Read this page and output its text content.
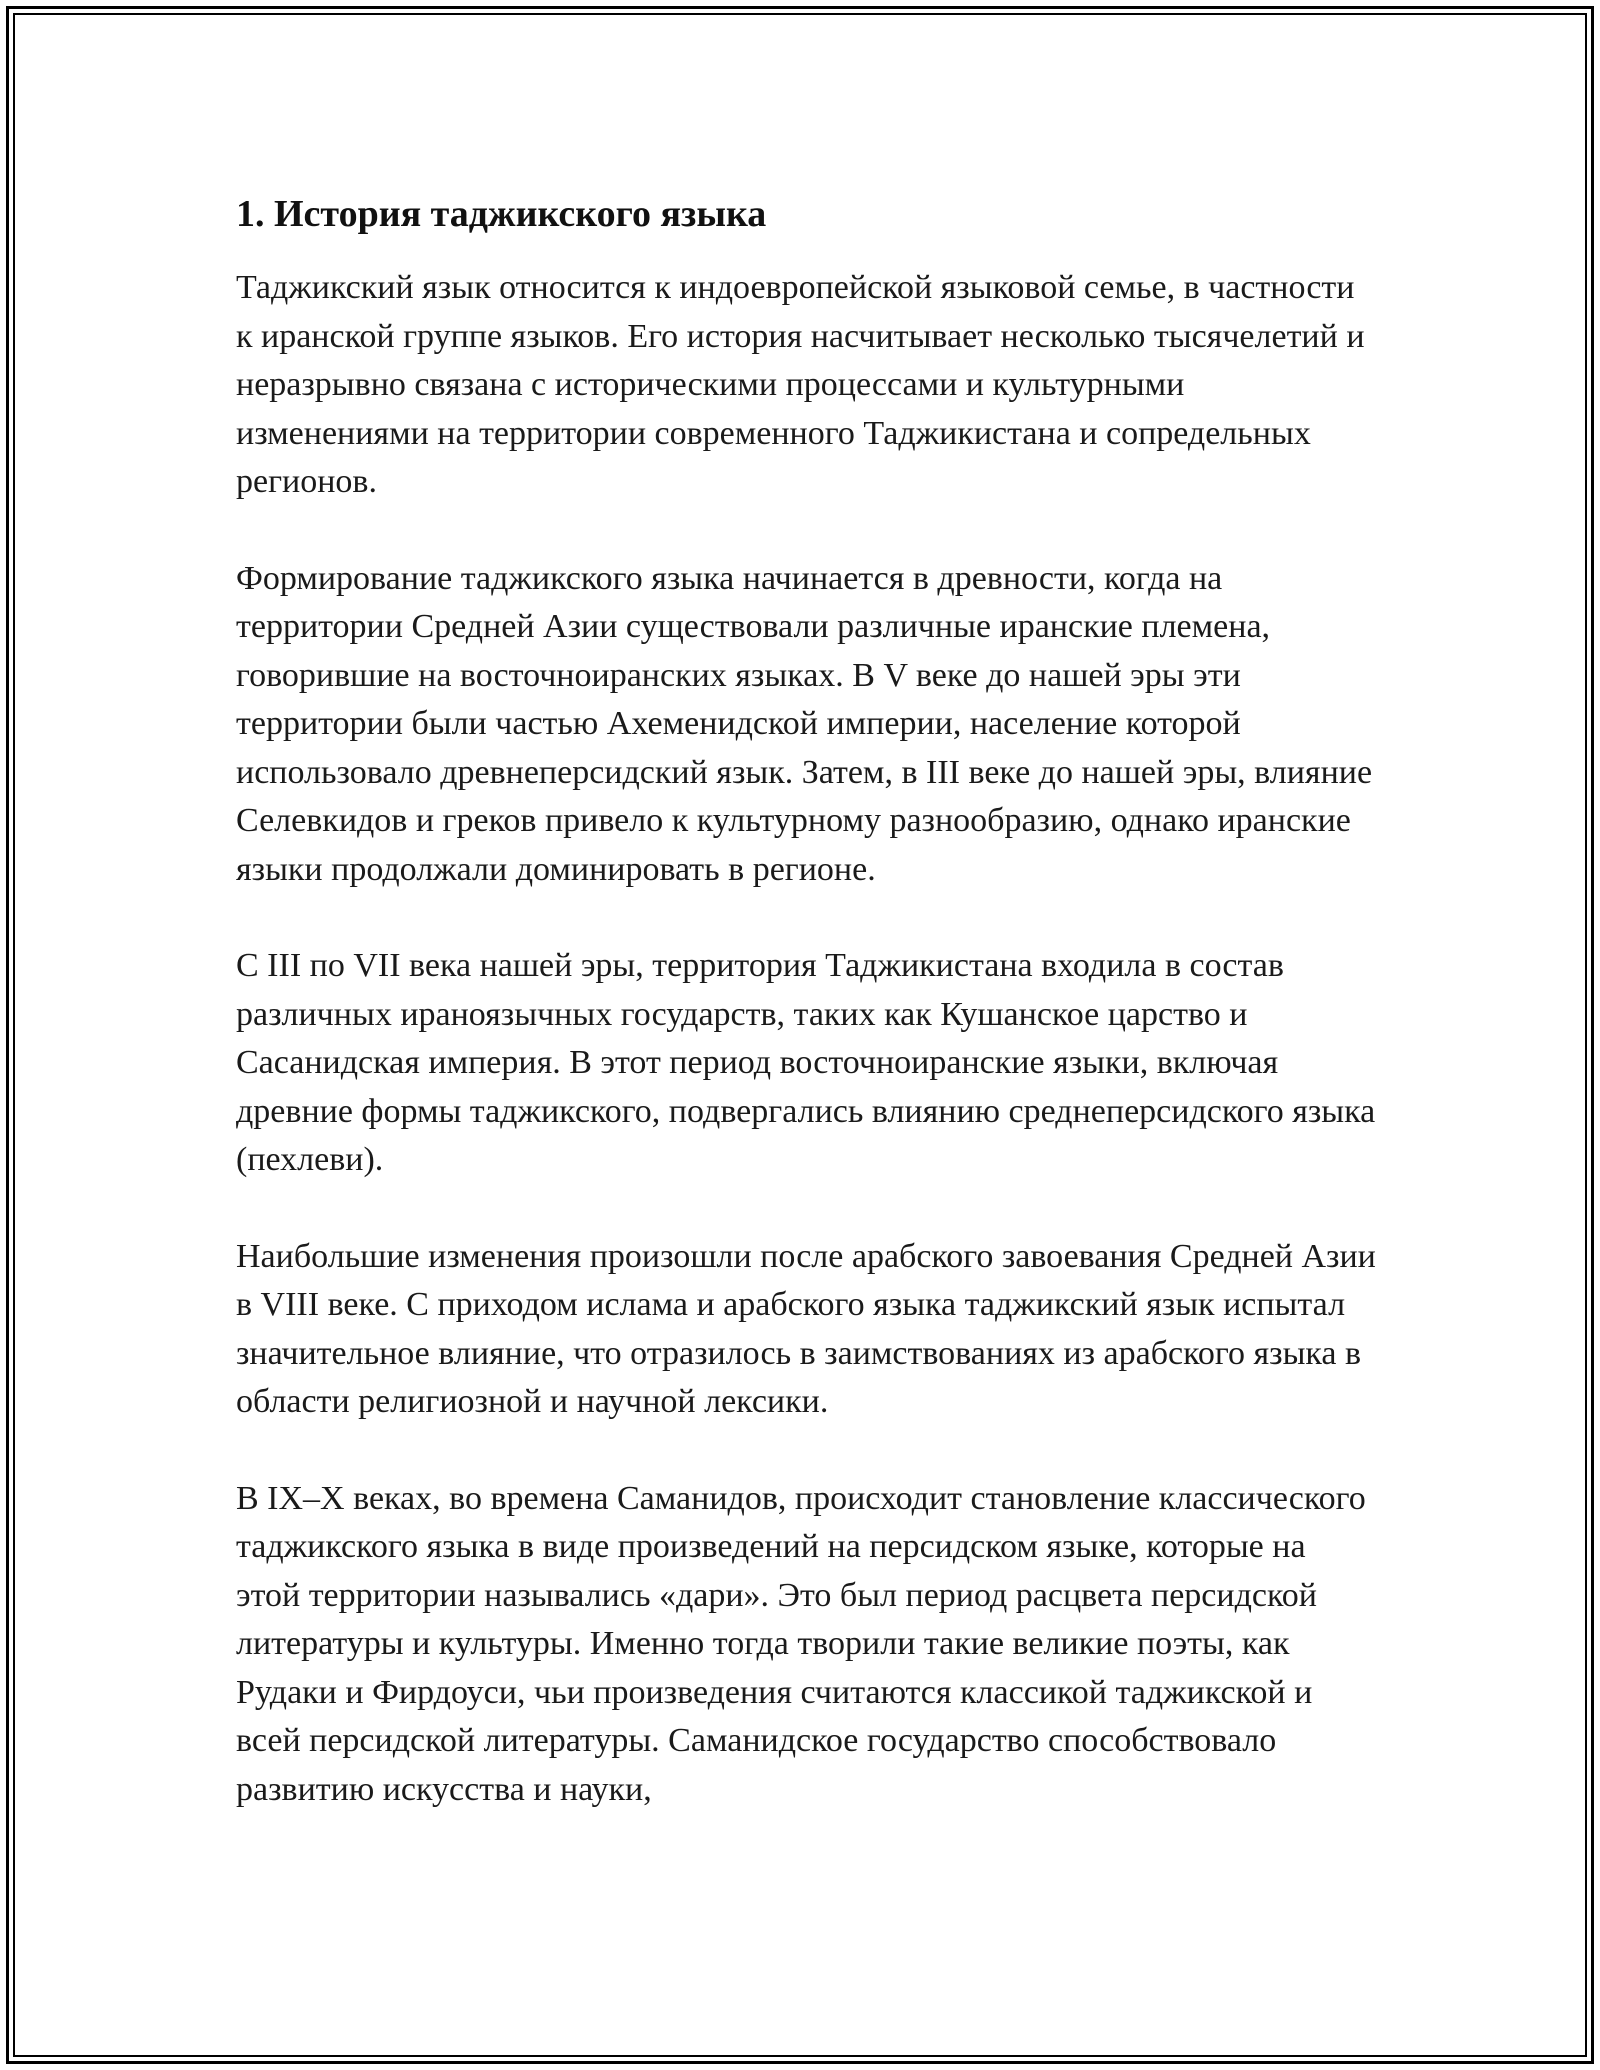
1. История таджикского языка

Таджикский язык относится к индоевропейской языковой семье, в частности к иранской группе языков. Его история насчитывает несколько тысячелетий и неразрывно связана с историческими процессами и культурными изменениями на территории современного Таджикистана и сопредельных регионов.

Формирование таджикского языка начинается в древности, когда на территории Средней Азии существовали различные иранские племена, говорившие на восточноиранских языках. В V веке до нашей эры эти территории были частью Ахеменидской империи, население которой использовало древнеперсидский язык. Затем, в III веке до нашей эры, влияние Селевкидов и греков привело к культурному разнообразию, однако иранские языки продолжали доминировать в регионе.

С III по VII века нашей эры, территория Таджикистана входила в состав различных ираноязычных государств, таких как Кушанское царство и Сасанидская империя. В этот период восточноиранские языки, включая древние формы таджикского, подвергались влиянию среднеперсидского языка (пехлеви).

Наибольшие изменения произошли после арабского завоевания Средней Азии в VIII веке. С приходом ислама и арабского языка таджикский язык испытал значительное влияние, что отразилось в заимствованиях из арабского языка в области религиозной и научной лексики.

В IX–X веках, во времена Саманидов, происходит становление классического таджикского языка в виде произведений на персидском языке, которые на этой территории назывались «дари». Это был период расцвета персидской литературы и культуры. Именно тогда творили такие великие поэты, как Рудаки и Фирдоуси, чьи произведения считаются классикой таджикской и всей персидской литературы. Саманидское государство способствовало развитию искусства и науки,
